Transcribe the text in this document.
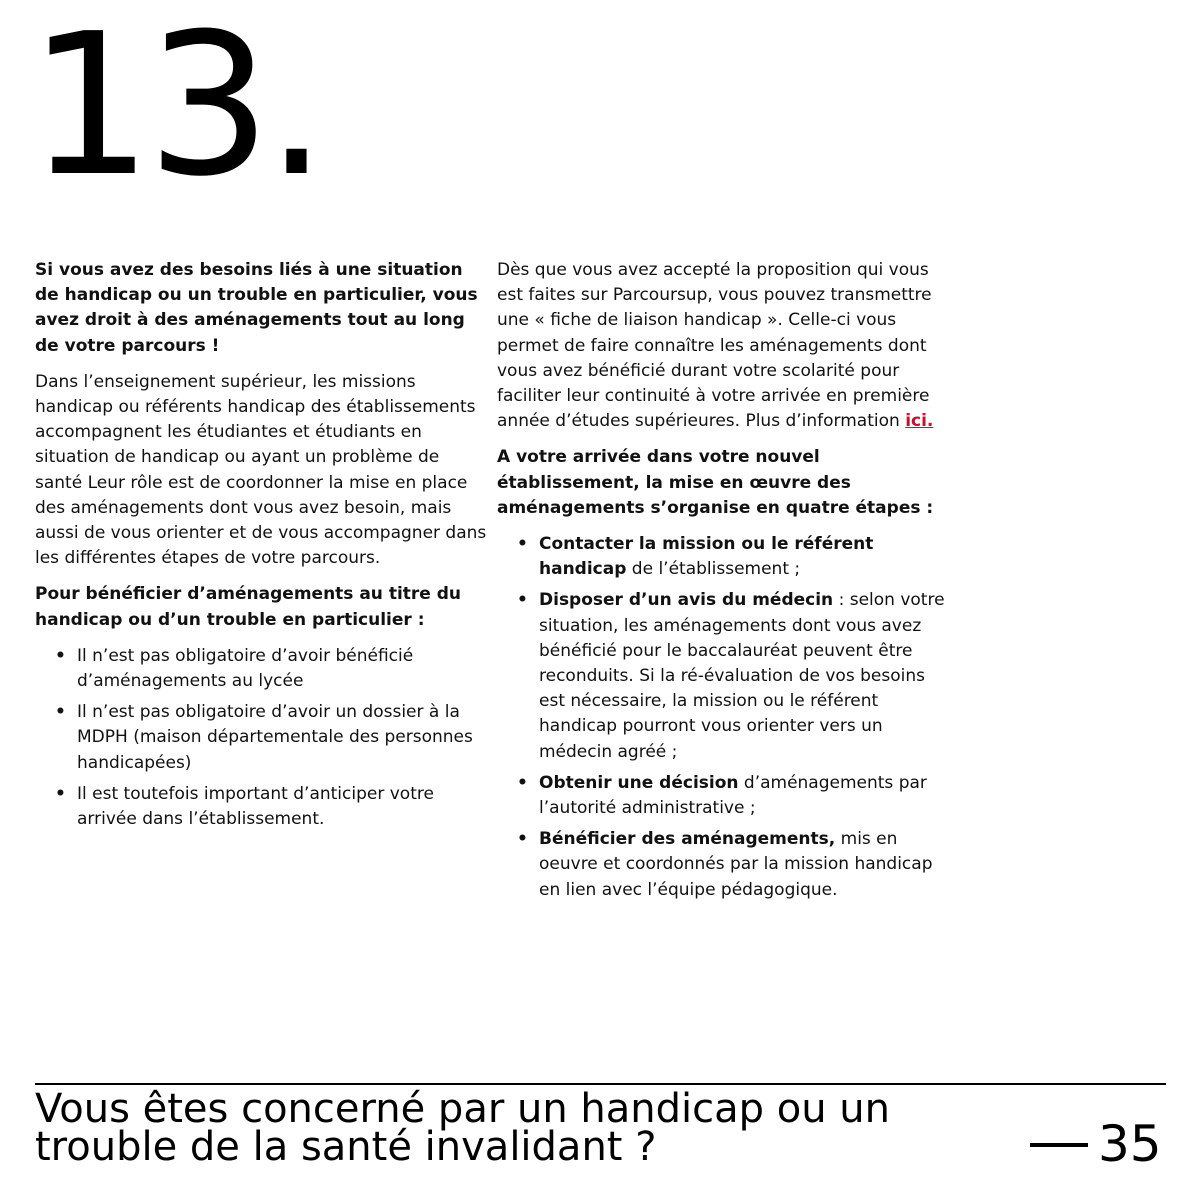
13.

Si vous avez des besoins liés à une situation de handicap ou un trouble en particulier, vous avez droit à des aménagements tout au long de votre parcours !

Dans l’enseignement supérieur, les missions handicap ou référents handicap des établissements accompagnent les étudiantes et étudiants en situation de handicap ou ayant un problème de santé Leur rôle est de coordonner la mise en place des aménagements dont vous avez besoin, mais aussi de vous orienter et de vous accompagner dans les différentes étapes de votre parcours.

Pour bénéficier d’aménagements au titre du handicap ou d’un trouble en particulier :

• Il n’est pas obligatoire d’avoir bénéficié d’aménagements au lycée
• Il n’est pas obligatoire d’avoir un dossier à la MDPH (maison départementale des personnes handicapées)
• Il est toutefois important d’anticiper votre arrivée dans l’établissement.

Dès que vous avez accepté la proposition qui vous est faites sur Parcoursup, vous pouvez transmettre une « fiche de liaison handicap ». Celle-ci vous permet de faire connaître les aménagements dont vous avez bénéficié durant votre scolarité pour faciliter leur continuité à votre arrivée en première année d’études supérieures. Plus d’information ici.

A votre arrivée dans votre nouvel établissement, la mise en œuvre des aménagements s’organise en quatre étapes :

• Contacter la mission ou le référent handicap de l’établissement ;
• Disposer d’un avis du médecin : selon votre situation, les aménagements dont vous avez bénéficié pour le baccalauréat peuvent être reconduits. Si la ré-évaluation de vos besoins est nécessaire, la mission ou le référent handicap pourront vous orienter vers un médecin agréé ;
• Obtenir une décision d’aménagements par l’autorité administrative ;
• Bénéficier des aménagements, mis en oeuvre et coordonnés par la mission handicap en lien avec l’équipe pédagogique.
Vous êtes concerné par un handicap ou un trouble de la santé invalidant ?	35
